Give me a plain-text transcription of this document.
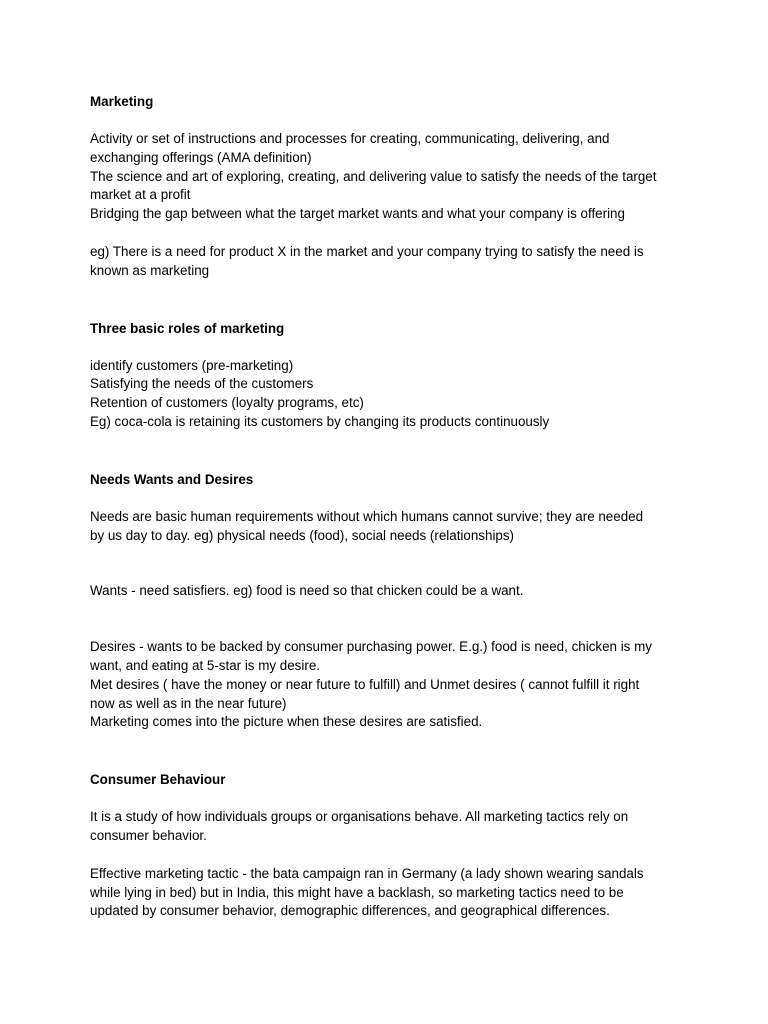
Marketing

Activity or set of instructions and processes for creating, communicating, delivering, and

exchanging offerings (AMA definition)

The science and art of exploring, creating, and delivering value to satisfy the needs of the target

market at a profit

Bridging the gap between what the target market wants and what your company is offering

eg) There is a need for product X in the market and your company trying to satisfy the need is

known as marketing

Three basic roles of marketing

identify customers (pre-marketing)

Satisfying the needs of the customers

Retention of customers (loyalty programs, etc)

Eg) coca-cola is retaining its customers by changing its products continuously

Needs Wants and Desires

Needs are basic human requirements without which humans cannot survive; they are needed

by us day to day. eg) physical needs (food), social needs (relationships)

Wants - need satisfiers. eg) food is need so that chicken could be a want.

Desires - wants to be backed by consumer purchasing power. E.g.) food is need, chicken is my

want, and eating at 5-star is my desire.

Met desires ( have the money or near future to fulfill) and Unmet desires ( cannot fulfill it right

now as well as in the near future)

Marketing comes into the picture when these desires are satisfied.

Consumer Behaviour

It is a study of how individuals groups or organisations behave. All marketing tactics rely on

consumer behavior.

Effective marketing tactic - the bata campaign ran in Germany (a lady shown wearing sandals

while lying in bed) but in India, this might have a backlash, so marketing tactics need to be

updated by consumer behavior, demographic differences, and geographical differences.
